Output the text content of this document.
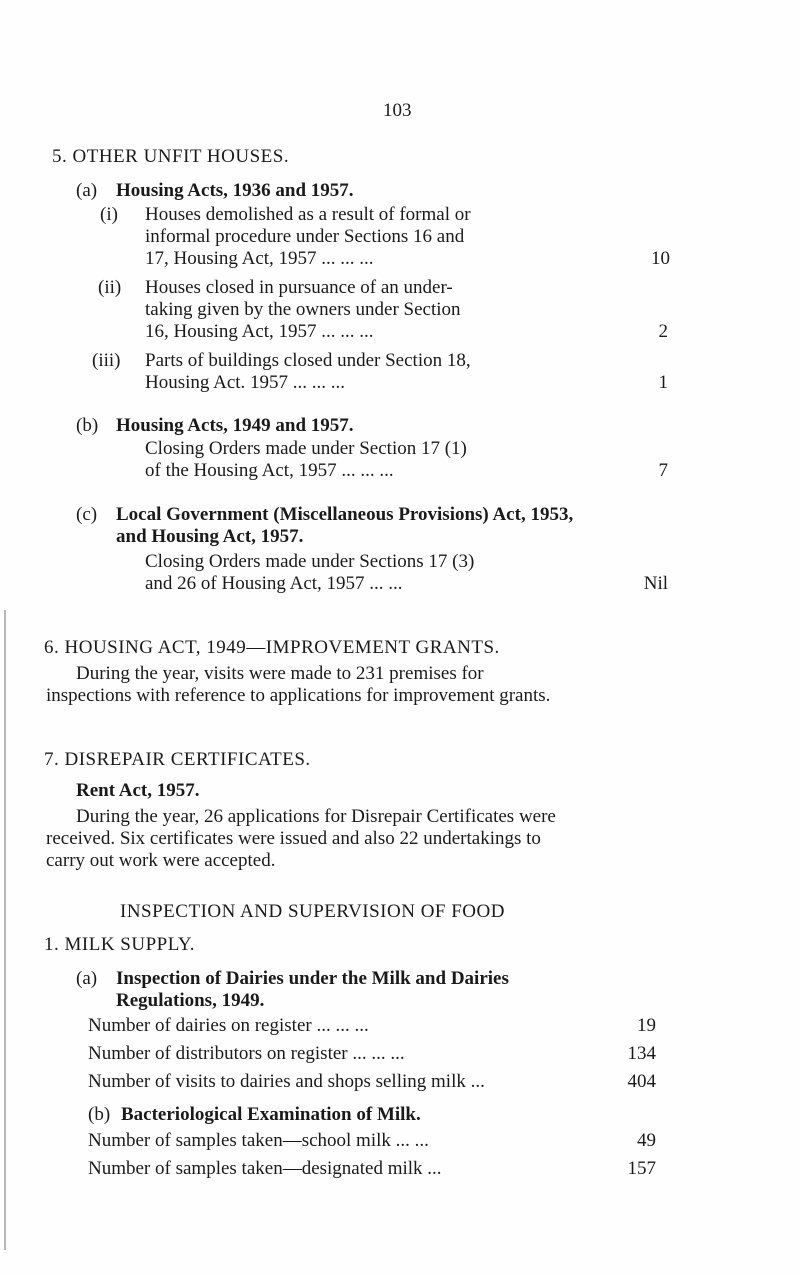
103
5. OTHER UNFIT HOUSES.
(a) Housing Acts, 1936 and 1957.
(i) Houses demolished as a result of formal or
informal procedure under Sections 16 and
17, Housing Act, 1957 ... ... ...	10
(ii) Houses closed in pursuance of an under-
taking given by the owners under Section
16, Housing Act, 1957 ... ... ...	2
(iii) Parts of buildings closed under Section 18,
Housing Act. 1957 ... ... ...	1
(b) Housing Acts, 1949 and 1957.
Closing Orders made under Section 17 (1)
of the Housing Act, 1957 ... ... ...	7
(c) Local Government (Miscellaneous Provisions) Act, 1953,
and Housing Act, 1957.
Closing Orders made under Sections 17 (3)
and 26 of Housing Act, 1957 ... ...	Nil
6. HOUSING ACT, 1949—IMPROVEMENT GRANTS.
During the year, visits were made to 231 premises for
inspections with reference to applications for improvement grants.
7. DISREPAIR CERTIFICATES.
Rent Act, 1957.
During the year, 26 applications for Disrepair Certificates were
received. Six certificates were issued and also 22 undertakings to
carry out work were accepted.
INSPECTION AND SUPERVISION OF FOOD
1. MILK SUPPLY.
(a) Inspection of Dairies under the Milk and Dairies
Regulations, 1949.
Number of dairies on register ... ... ...	19
Number of distributors on register ... ... ...	134
Number of visits to dairies and shops selling milk ...	404
(b) Bacteriological Examination of Milk.
Number of samples taken—school milk ... ...	49
Number of samples taken—designated milk ...	157
